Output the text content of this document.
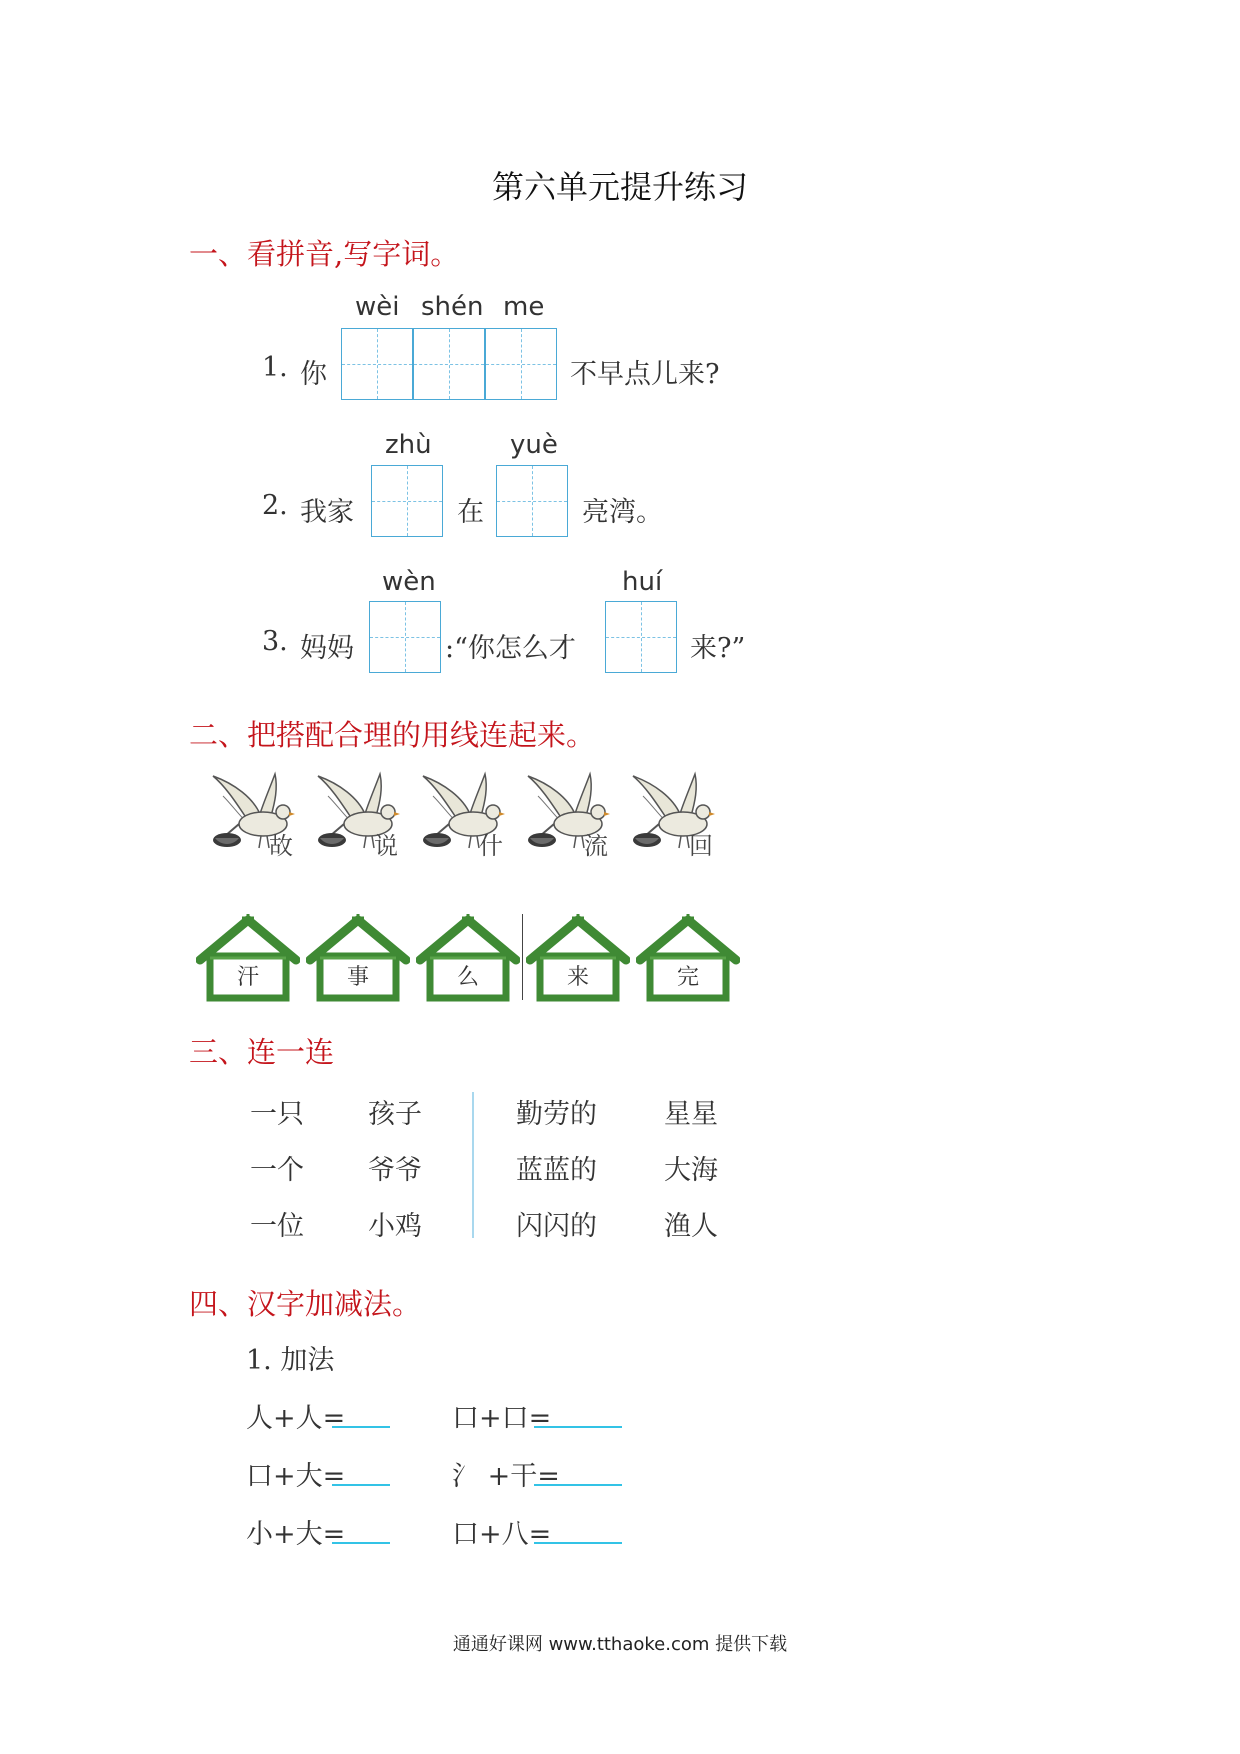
第六单元提升练习
一、看拼音,写字词。
1. 你
wèi shén me
不早点儿来?
2. 我家
zhù
在
yuè
亮湾。
3. 妈妈
wèn
:“你怎么才
huí
来?”
二、把搭配合理的用线连起来。
故	说	什	流	回
汗	事	么	来	完
三、连一连
一只 孩子
一个 爷爷
一位 小鸡
勤劳的 星星
蓝蓝的 大海
闪闪的 渔人
四、汉字加减法。
1. 加法
人+人=	口+口=
口+大=	氵 +干=
小+大=	口+八=
通通好课网 www.tthaoke.com 提供下载
